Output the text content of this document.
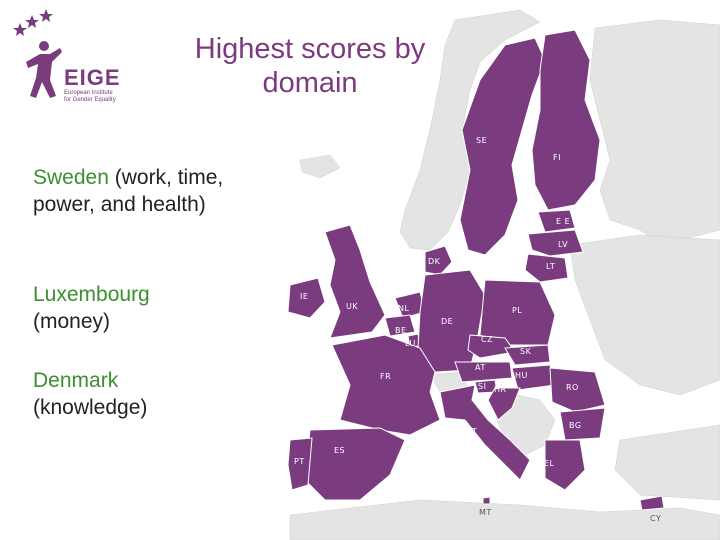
SE
FI
E E
LV
DK
LT
IE
UK	NL	PL
DE
BE
LU	CZ
SK
FR
AT
HU
SI HR	RO
IT
BG
ES
PT	EL
MT
CY
EIGE
European Institute
for Gender Equality
Highest scores by
domain
Sweden (work, time, power, and health)
Luxembourg
(money)
Denmark
(knowledge)
